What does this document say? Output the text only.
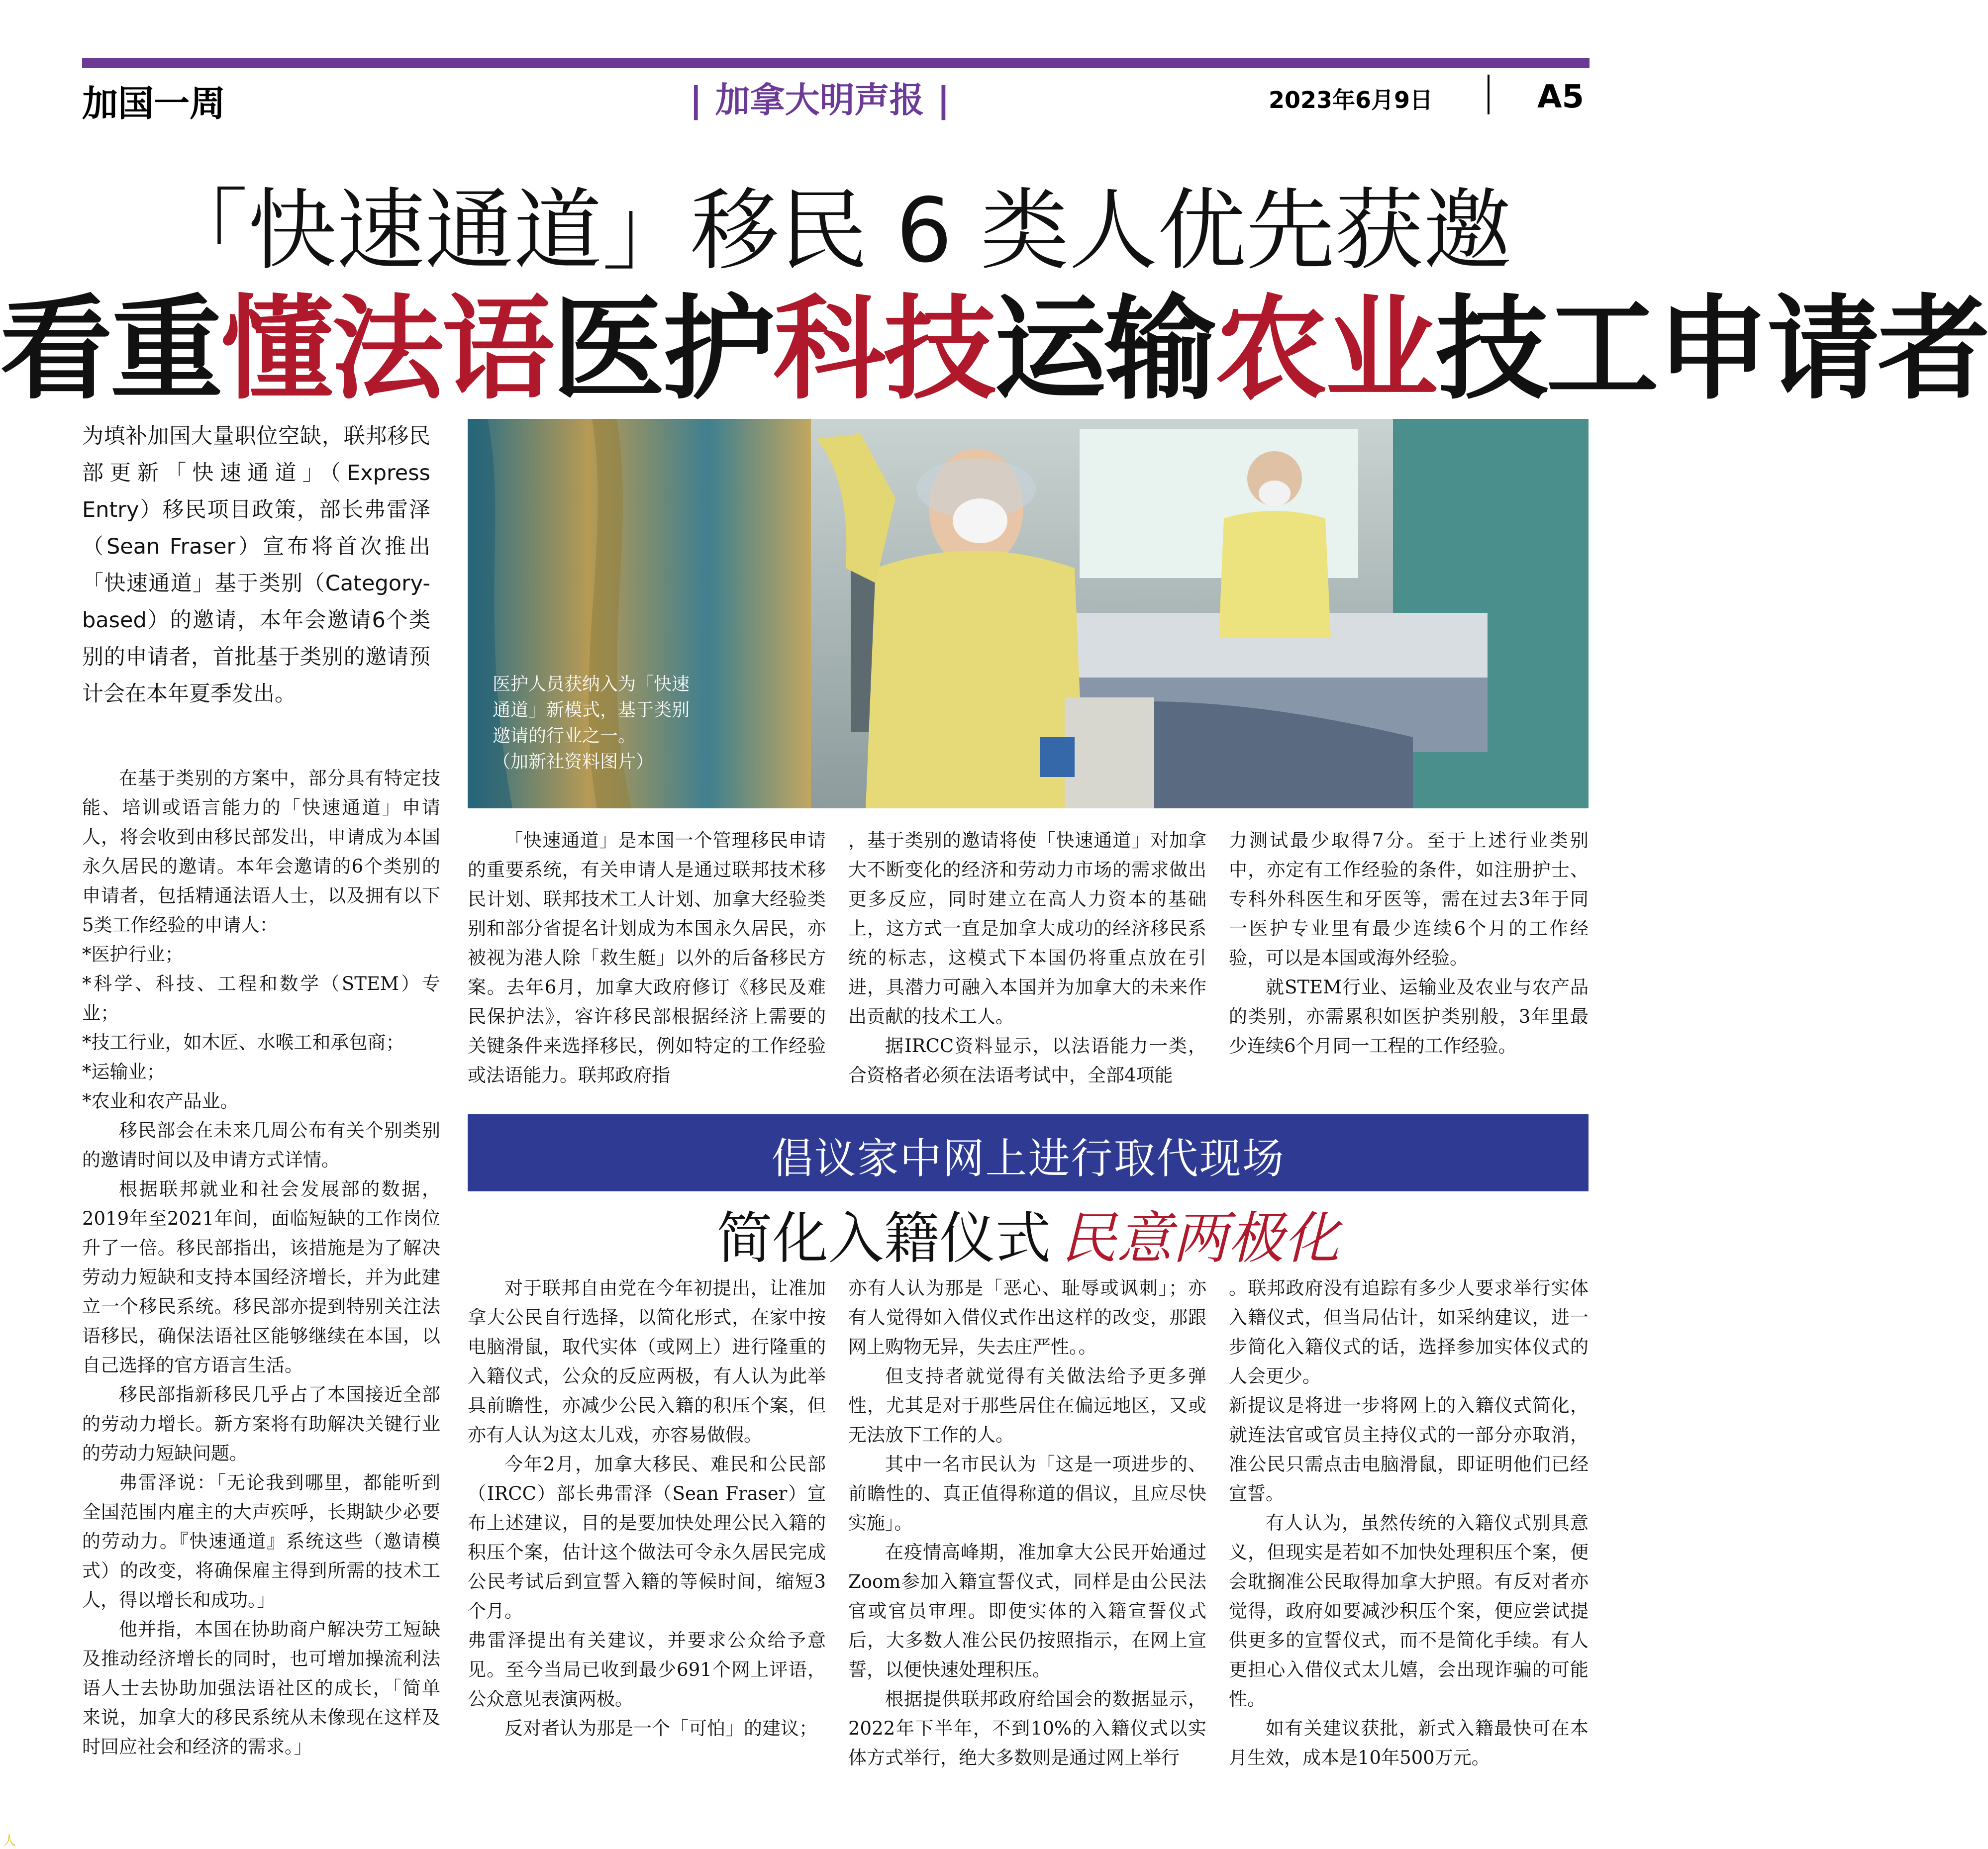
加国一周	| 加拿大明声报 |	2023年6月9日	A5
「快速通道」移民 6 类人优先获邀
看重懂法语医护科技运输农业技工申请者
为填补加国大量职位空缺，联邦移民部更新「快速通道」（Express Entry）移民项目政策，部长弗雷泽（Sean Fraser）宣布将首次推出「快速通道」基于类别（Category-based）的邀请，本年会邀请6个类别的申请者，首批基于类别的邀请预计会在本年夏季发出。	医护人员获纳入为「快速
通道」新模式，基于类别
邀请的行业之一。
（加新社资料图片）

在基于类别的方案中，部分具有特定技能、培训或语言能力的「快速通道」申请人，将会收到由移民部发出，申请成为本国永久居民的邀请。本年会邀请的6个类别的申请者，包括精通法语人士，以及拥有以下5类工作经验的申请人：

*医护行业；

*科学、科技、工程和数学（STEM）专业；

*技工行业，如木匠、水喉工和承包商；

*运输业；

*农业和农产品业。

移民部会在未来几周公布有关个别类别的邀请时间以及申请方式详情。

根据联邦就业和社会发展部的数据，2019年至2021年间，面临短缺的工作岗位升了一倍。移民部指出，该措施是为了解决劳动力短缺和支持本国经济增长，并为此建立一个移民系统。移民部亦提到特别关注法语移民，确保法语社区能够继续在本国，以自己选择的官方语言生活。

移民部指新移民几乎占了本国接近全部的劳动力增长。新方案将有助解决关键行业的劳动力短缺问题。

弗雷泽说：「无论我到哪里，都能听到全国范围内雇主的大声疾呼，长期缺少必要的劳动力。『快速通道』系统这些（邀请模式）的改变，将确保雇主得到所需的技术工人，得以增长和成功。」

他并指，本国在协助商户解决劳工短缺及推动经济增长的同时，也可增加操流利法语人士去协助加强法语社区的成长，「简单来说，加拿大的移民系统从未像现在这样及时回应社会和经济的需求。」

「快速通道」是本国一个管理移民申请的重要系统，有关申请人是通过联邦技术移民计划、联邦技术工人计划、加拿大经验类别和部分省提名计划成为本国永久居民，亦被视为港人除「救生艇」以外的后备移民方案。去年6月，加拿大政府修订《移民及难民保护法》，容许移民部根据经济上需要的关键条件来选择移民，例如特定的工作经验或法语能力。联邦政府指

，基于类别的邀请将使「快速通道」对加拿大不断变化的经济和劳动力市场的需求做出更多反应，同时建立在高人力资本的基础上，这方式一直是加拿大成功的经济移民系统的标志，这模式下本国仍将重点放在引进，具潜力可融入本国并为加拿大的未来作出贡献的技术工人。

据IRCC资料显示，以法语能力一类，合资格者必须在法语考试中，全部4项能

力测试最少取得7分。至于上述行业类别中，亦定有工作经验的条件，如注册护士、专科外科医生和牙医等，需在过去3年于同一医护专业里有最少连续6个月的工作经验，可以是本国或海外经验。

就STEM行业、运输业及农业与农产品的类别，亦需累积如医护类别般，3年里最少连续6个月同一工程的工作经验。

倡议家中网上进行取代现场
简化入籍仪式 民意两极化

对于联邦自由党在今年初提出，让准加拿大公民自行选择，以简化形式，在家中按电脑滑鼠，取代实体（或网上）进行隆重的入籍仪式，公众的反应两极，有人认为此举具前瞻性，亦减少公民入籍的积压个案，但亦有人认为这太儿戏，亦容易做假。

今年2月，加拿大移民、难民和公民部（IRCC）部长弗雷泽（Sean Fraser）宣布上述建议，目的是要加快处理公民入籍的积压个案，估计这个做法可令永久居民完成公民考试后到宣誓入籍的等候时间，缩短3个月。

弗雷泽提出有关建议，并要求公众给予意见。至今当局已收到最少691个网上评语，公众意见表演两极。

反对者认为那是一个「可怕」的建议；

亦有人认为那是「恶心、耻辱或讽刺」；亦有人觉得如入借仪式作出这样的改变，那跟网上购物无异，失去庄严性。。

但支持者就觉得有关做法给予更多弹性，尤其是对于那些居住在偏远地区，又或无法放下工作的人。

其中一名市民认为「这是一项进步的、前瞻性的、真正值得称道的倡议，且应尽快实施」。

在疫情高峰期，准加拿大公民开始通过Zoom参加入籍宣誓仪式，同样是由公民法官或官员审理。即使实体的入籍宣誓仪式后，大多数人准公民仍按照指示，在网上宣誓，以便快速处理积压。

根据提供联邦政府给国会的数据显示，2022年下半年，不到10%的入籍仪式以实体方式举行，绝大多数则是通过网上举行

。联邦政府没有追踪有多少人要求举行实体入籍仪式，但当局估计，如采纳建议，进一步简化入籍仪式的话，选择参加实体仪式的人会更少。

新提议是将进一步将网上的入籍仪式简化，就连法官或官员主持仪式的一部分亦取消，准公民只需点击电脑滑鼠，即证明他们已经宣誓。

有人认为，虽然传统的入籍仪式别具意义，但现实是若如不加快处理积压个案，便会耽搁准公民取得加拿大护照。有反对者亦觉得，政府如要减沙积压个案，便应尝试提供更多的宣誓仪式，而不是简化手续。有人更担心入借仪式太儿嬉，会出现诈骗的可能性。

如有关建议获批，新式入籍最快可在本月生效，成本是10年500万元。

人
